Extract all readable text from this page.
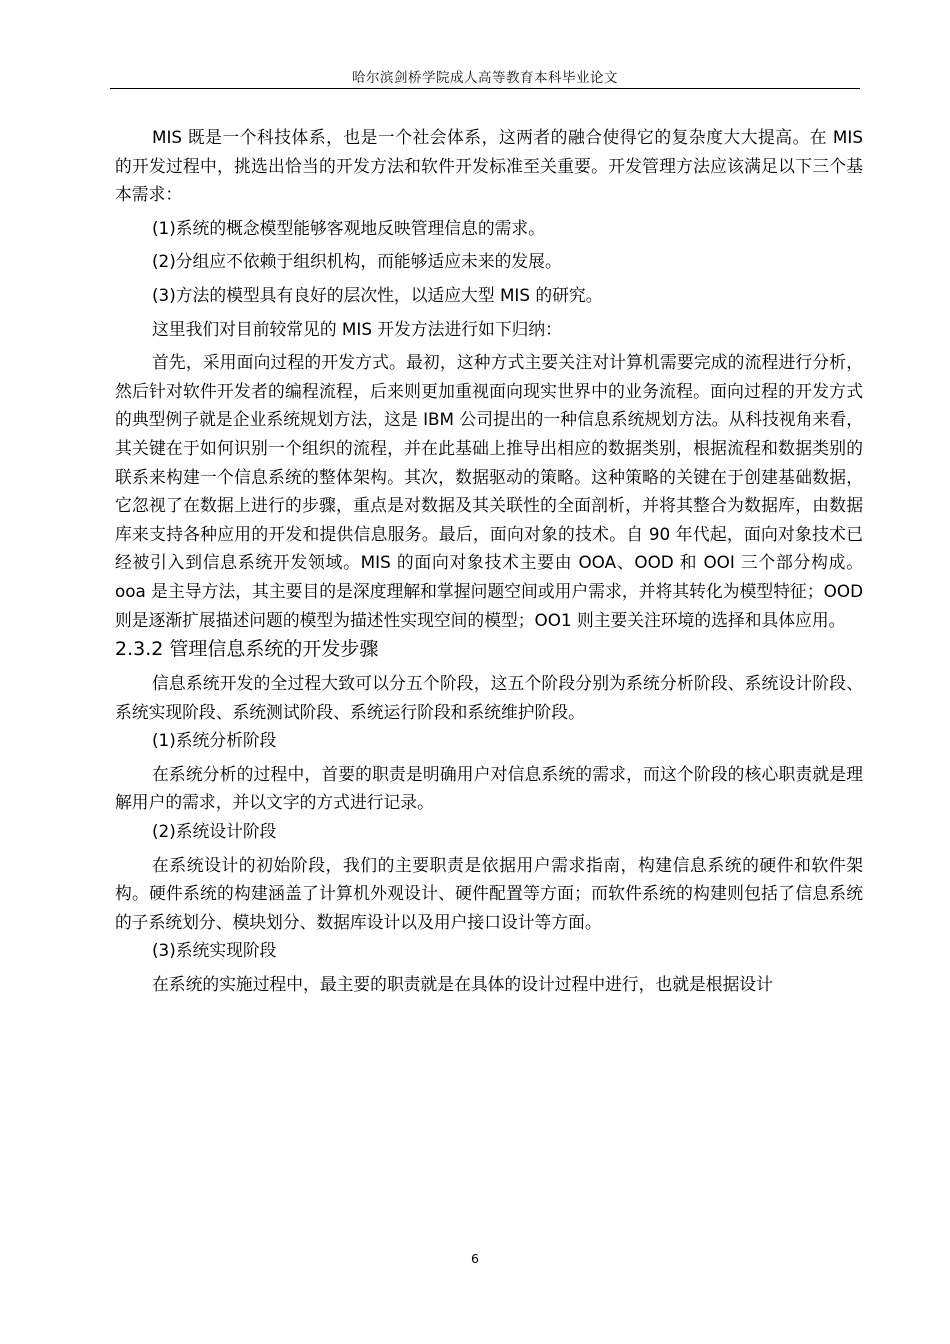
哈尔滨剑桥学院成人高等教育本科毕业论文

MIS 既是一个科技体系，也是一个社会体系，这两者的融合使得它的复杂度大大提高。在 MIS 的开发过程中，挑选出恰当的开发方法和软件开发标准至关重要。开发管理方法应该满足以下三个基本需求：

(1)系统的概念模型能够客观地反映管理信息的需求。

(2)分组应不依赖于组织机构，而能够适应未来的发展。

(3)方法的模型具有良好的层次性，以适应大型 MIS 的研究。

这里我们对目前较常见的 MIS 开发方法进行如下归纳：

首先，采用面向过程的开发方式。最初，这种方式主要关注对计算机需要完成的流程进行分析，然后针对软件开发者的编程流程，后来则更加重视面向现实世界中的业务流程。面向过程的开发方式的典型例子就是企业系统规划方法，这是 IBM 公司提出的一种信息系统规划方法。从科技视角来看，其关键在于如何识别一个组织的流程，并在此基础上推导出相应的数据类别，根据流程和数据类别的联系来构建一个信息系统的整体架构。其次，数据驱动的策略。这种策略的关键在于创建基础数据，它忽视了在数据上进行的步骤，重点是对数据及其关联性的全面剖析，并将其整合为数据库，由数据库来支持各种应用的开发和提供信息服务。最后，面向对象的技术。自 90 年代起，面向对象技术已经被引入到信息系统开发领域。MIS 的面向对象技术主要由 OOA、OOD 和 OOI 三个部分构成。ooa 是主导方法，其主要目的是深度理解和掌握问题空间或用户需求，并将其转化为模型特征；OOD 则是逐渐扩展描述问题的模型为描述性实现空间的模型；OO1 则主要关注环境的选择和具体应用。

2.3.2 管理信息系统的开发步骤

信息系统开发的全过程大致可以分五个阶段，这五个阶段分别为系统分析阶段、系统设计阶段、系统实现阶段、系统测试阶段、系统运行阶段和系统维护阶段。

(1)系统分析阶段

在系统分析的过程中，首要的职责是明确用户对信息系统的需求，而这个阶段的核心职责就是理解用户的需求，并以文字的方式进行记录。

(2)系统设计阶段

在系统设计的初始阶段，我们的主要职责是依据用户需求指南，构建信息系统的硬件和软件架构。硬件系统的构建涵盖了计算机外观设计、硬件配置等方面；而软件系统的构建则包括了信息系统的子系统划分、模块划分、数据库设计以及用户接口设计等方面。

(3)系统实现阶段

在系统的实施过程中，最主要的职责就是在具体的设计过程中进行，也就是根据设计

6
